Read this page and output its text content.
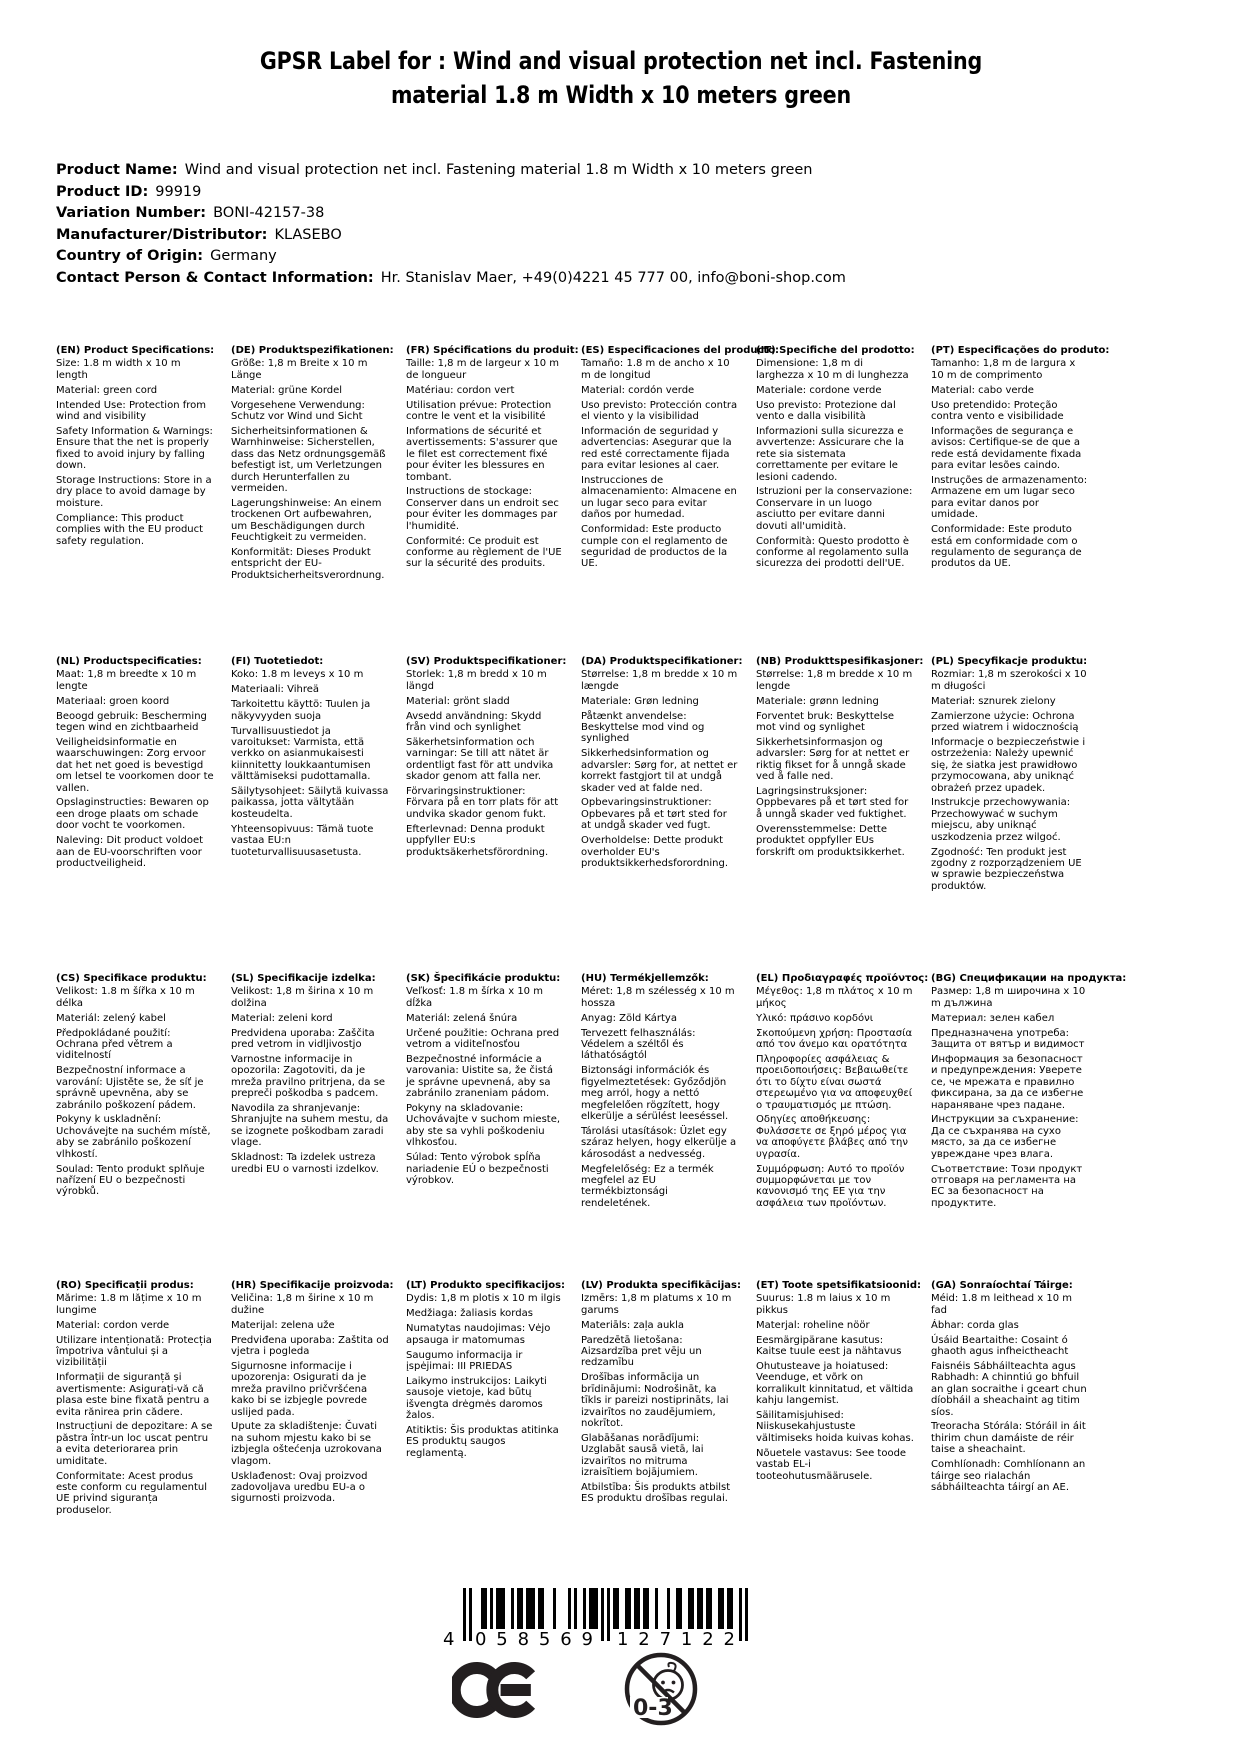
GPSR Label for : Wind and visual protection net incl. Fastening
material 1.8 m Width x 10 meters green
Product Name: Wind and visual protection net incl. Fastening material 1.8 m Width x 10 meters green
Product ID: 99919
Variation Number: BONI-42157-38
Manufacturer/Distributor: KLASEBO
Country of Origin: Germany
Contact Person & Contact Information: Hr. Stanislav Maer, +49(0)4221 45 777 00, info@boni-shop.com
(EN) Product Specifications:

Size: 1.8 m width x 10 m length

Material: green cord

Intended Use: Protection from wind and visibility

Safety Information & Warnings: Ensure that the net is properly fixed to avoid injury by falling down.

Storage Instructions: Store in a dry place to avoid damage by moisture.

Compliance: This product complies with the EU product safety regulation.

(DE) Produktspezifikationen:

Größe: 1,8 m Breite x 10 m Länge

Material: grüne Kordel

Vorgesehene Verwendung: Schutz vor Wind und Sicht

Sicherheitsinformationen & Warnhinweise: Sicherstellen, dass das Netz ordnungsgemäß befestigt ist, um Verletzungen durch Herunterfallen zu vermeiden.

Lagerungshinweise: An einem trockenen Ort aufbewahren, um Beschädigungen durch Feuchtigkeit zu vermeiden.

Konformität: Dieses Produkt entspricht der EU-Produktsicherheitsverordnung.

(FR) Spécifications du produit:

Taille: 1,8 m de largeur x 10 m de longueur

Matériau: cordon vert

Utilisation prévue: Protection contre le vent et la visibilité

Informations de sécurité et avertissements: S'assurer que le filet est correctement fixé pour éviter les blessures en tombant.

Instructions de stockage: Conserver dans un endroit sec pour éviter les dommages par l'humidité.

Conformité: Ce produit est conforme au règlement de l'UE sur la sécurité des produits.

(ES) Especificaciones del producto:

Tamaño: 1.8 m de ancho x 10 m de longitud

Material: cordón verde

Uso previsto: Protección contra el viento y la visibilidad

Información de seguridad y advertencias: Asegurar que la red esté correctamente fijada para evitar lesiones al caer.

Instrucciones de almacenamiento: Almacene en un lugar seco para evitar daños por humedad.

Conformidad: Este producto cumple con el reglamento de seguridad de productos de la UE.

(IT) Specifiche del prodotto:

Dimensione: 1,8 m di larghezza x 10 m di lunghezza

Materiale: cordone verde

Uso previsto: Protezione dal vento e dalla visibilità

Informazioni sulla sicurezza e avvertenze: Assicurare che la rete sia sistemata correttamente per evitare le lesioni cadendo.

Istruzioni per la conservazione: Conservare in un luogo asciutto per evitare danni dovuti all'umidità.

Conformità: Questo prodotto è conforme al regolamento sulla sicurezza dei prodotti dell'UE.

(PT) Especificações do produto:

Tamanho: 1,8 m de largura x 10 m de comprimento

Material: cabo verde

Uso pretendido: Proteção contra vento e visibilidade

Informações de segurança e avisos: Certifique-se de que a rede está devidamente fixada para evitar lesões caindo.

Instruções de armazenamento: Armazene em um lugar seco para evitar danos por umidade.

Conformidade: Este produto está em conformidade com o regulamento de segurança de produtos da UE.

(NL) Productspecificaties:

Maat: 1,8 m breedte x 10 m lengte

Materiaal: groen koord

Beoogd gebruik: Bescherming tegen wind en zichtbaarheid

Veiligheidsinformatie en waarschuwingen: Zorg ervoor dat het net goed is bevestigd om letsel te voorkomen door te vallen.

Opslaginstructies: Bewaren op een droge plaats om schade door vocht te voorkomen.

Naleving: Dit product voldoet aan de EU-voorschriften voor productveiligheid.

(FI) Tuotetiedot:

Koko: 1.8 m leveys x 10 m

Materiaali: Vihreä

Tarkoitettu käyttö: Tuulen ja näkyvyyden suoja

Turvallisuustiedot ja varoitukset: Varmista, että verkko on asianmukaisesti kiinnitetty loukkaantumisen välttämiseksi pudottamalla.

Säilytysohjeet: Säilytä kuivassa paikassa, jotta vältytään kosteudelta.

Yhteensopivuus: Tämä tuote vastaa EU:n tuoteturvallisuusasetusta.

(SV) Produktspecifikationer:

Storlek: 1,8 m bredd x 10 m längd

Material: grönt sladd

Avsedd användning: Skydd från vind och synlighet

Säkerhetsinformation och varningar: Se till att nätet är ordentligt fast för att undvika skador genom att falla ner.

Förvaringsinstruktioner: Förvara på en torr plats för att undvika skador genom fukt.

Efterlevnad: Denna produkt uppfyller EU:s produktsäkerhetsförordning.

(DA) Produktspecifikationer:

Størrelse: 1,8 m bredde x 10 m længde

Materiale: Grøn ledning

Påtænkt anvendelse: Beskyttelse mod vind og synlighed

Sikkerhedsinformation og advarsler: Sørg for, at nettet er korrekt fastgjort til at undgå skader ved at falde ned.

Opbevaringsinstruktioner: Opbevares på et tørt sted for at undgå skader ved fugt.

Overholdelse: Dette produkt overholder EU's produktsikkerhedsforordning.

(NB) Produkttspesifikasjoner:

Størrelse: 1,8 m bredde x 10 m lengde

Materiale: grønn ledning

Forventet bruk: Beskyttelse mot vind og synlighet

Sikkerhetsinformasjon og advarsler: Sørg for at nettet er riktig fikset for å unngå skade ved å falle ned.

Lagringsinstruksjoner: Oppbevares på et tørt sted for å unngå skader ved fuktighet.

Overensstemmelse: Dette produktet oppfyller EUs forskrift om produktsikkerhet.

(PL) Specyfikacje produktu:

Rozmiar: 1,8 m szerokości x 10 m długości

Materiał: sznurek zielony

Zamierzone użycie: Ochrona przed wiatrem i widocznością

Informacje o bezpieczeństwie i ostrzeżenia: Należy upewnić się, że siatka jest prawidłowo przymocowana, aby uniknąć obrażeń przez upadek.

Instrukcje przechowywania: Przechowywać w suchym miejscu, aby uniknąć uszkodzenia przez wilgoć.

Zgodność: Ten produkt jest zgodny z rozporządzeniem UE w sprawie bezpieczeństwa produktów.

(CS) Specifikace produktu:

Velikost: 1.8 m šířka x 10 m délka

Materiál: zelený kabel

Předpokládané použití: Ochrana před větrem a viditelností

Bezpečnostní informace a varování: Ujistěte se, že síť je správně upevněna, aby se zabránilo poškození pádem.

Pokyny k uskladnění: Uchovávejte na suchém místě, aby se zabránilo poškození vlhkostí.

Soulad: Tento produkt splňuje nařízení EU o bezpečnosti výrobků.

(SL) Specifikacije izdelka:

Velikost: 1,8 m širina x 10 m dolžina

Material: zeleni kord

Predvidena uporaba: Zaščita pred vetrom in vidljivostjo

Varnostne informacije in opozorila: Zagotoviti, da je mreža pravilno pritrjena, da se prepreči poškodba s padcem.

Navodila za shranjevanje: Shranjujte na suhem mestu, da se izognete poškodbam zaradi vlage.

Skladnost: Ta izdelek ustreza uredbi EU o varnosti izdelkov.

(SK) Špecifikácie produktu:

Veľkosť: 1.8 m šírka x 10 m dĺžka

Materiál: zelená šnúra

Určené použitie: Ochrana pred vetrom a viditeľnosťou

Bezpečnostné informácie a varovania: Uistite sa, že čistá je správne upevnená, aby sa zabránilo zraneniam pádom.

Pokyny na skladovanie: Uchovávajte v suchom mieste, aby ste sa vyhli poškodeniu vlhkosťou.

Súlad: Tento výrobok spĺňa nariadenie EÚ o bezpečnosti výrobkov.

(HU) Termékjellemzők:

Méret: 1,8 m szélesség x 10 m hossza

Anyag: Zöld Kártya

Tervezett felhasználás: Védelem a széltől és láthatóságtól

Biztonsági információk és figyelmeztetések: Győződjön meg arról, hogy a nettó megfelelően rögzített, hogy elkerülje a sérülést leeséssel.

Tárolási utasítások: Üzlet egy száraz helyen, hogy elkerülje a károsodást a nedvesség.

Megfelelőség: Ez a termék megfelel az EU termékbiztonsági rendeletének.

(EL) Προδιαγραφές προϊόντος:

Μέγεθος: 1,8 m πλάτος x 10 m μήκος

Υλικό: πράσινο κορδόνι

Σκοπούμενη χρήση: Προστασία από τον άνεμο και ορατότητα

Πληροφορίες ασφάλειας & προειδοποιήσεις: Βεβαιωθείτε ότι το δίχτυ είναι σωστά στερεωμένο για να αποφευχθεί ο τραυματισμός με πτώση.

Οδηγίες αποθήκευσης: Φυλάσσετε σε ξηρό μέρος για να αποφύγετε βλάβες από την υγρασία.

Συμμόρφωση: Αυτό το προϊόν συμμορφώνεται με τον κανονισμό της ΕΕ για την ασφάλεια των προϊόντων.

(BG) Спецификации на продукта:

Размер: 1,8 m широчина x 10 m дължина

Материал: зелен кабел

Предназначена употреба: Защита от вятър и видимост

Информация за безопасност и предупреждения: Уверете се, че мрежата е правилно фиксирана, за да се избегне нараняване чрез падане.

Инструкции за съхранение: Да се съхранява на сухо място, за да се избегне увреждане чрез влага.

Съответствие: Този продукт отговаря на регламента на ЕС за безопасност на продуктите.

(RO) Specificații produs:

Mărime: 1.8 m lățime x 10 m lungime

Material: cordon verde

Utilizare intenționată: Protecția împotriva vântului și a vizibilității

Informații de siguranță și avertismente: Asigurați-vă că plasa este bine fixată pentru a evita rănirea prin cădere.

Instrucțiuni de depozitare: A se păstra într-un loc uscat pentru a evita deteriorarea prin umiditate.

Conformitate: Acest produs este conform cu regulamentul UE privind siguranța produselor.

(HR) Specifikacije proizvoda:

Veličina: 1,8 m širine x 10 m dužine

Materijal: zelena uže

Predviđena uporaba: Zaštita od vjetra i pogleda

Sigurnosne informacije i upozorenja: Osigurati da je mreža pravilno pričvršćena kako bi se izbjegle povrede uslijed pada.

Upute za skladištenje: Čuvati na suhom mjestu kako bi se izbjegla oštećenja uzrokovana vlagom.

Usklađenost: Ovaj proizvod zadovoljava uredbu EU-a o sigurnosti proizvoda.

(LT) Produkto specifikacijos:

Dydis: 1,8 m plotis x 10 m ilgis

Medžiaga: žaliasis kordas

Numatytas naudojimas: Vėjo apsauga ir matomumas

Saugumo informacija ir įspėjimai: III PRIEDAS

Laikymo instrukcijos: Laikyti sausoje vietoje, kad būtų išvengta drėgmės daromos žalos.

Atitiktis: Šis produktas atitinka ES produktų saugos reglamentą.

(LV) Produkta specifikācijas:

Izmērs: 1,8 m platums x 10 m garums

Materiāls: zaļa aukla

Paredzētā lietošana: Aizsardzība pret vēju un redzamību

Drošības informācija un brīdinājumi: Nodrošināt, ka tīkls ir pareizi nostiprināts, lai izvairītos no zaudējumiem, nokrītot.

Glabāšanas norādījumi: Uzglabāt sausā vietā, lai izvairītos no mitruma izraisītiem bojājumiem.

Atbilstība: Šis produkts atbilst ES produktu drošības regulai.

(ET) Toote spetsifikatsioonid:

Suurus: 1.8 m laius x 10 m pikkus

Materjal: roheline nöör

Eesmärgipärane kasutus: Kaitse tuule eest ja nähtavus

Ohutusteave ja hoiatused: Veenduge, et võrk on korralikult kinnitatud, et vältida kahju langemist.

Säilitamisjuhised: Niiskusekahjustuste vältimiseks hoida kuivas kohas.

Nõuetele vastavus: See toode vastab EL-i tooteohutusmäärusele.

(GA) Sonraíochtaí Táirge:

Méid: 1.8 m leithead x 10 m fad

Ábhar: corda glas

Úsáid Beartaithe: Cosaint ó ghaoth agus infheictheacht

Faisnéis Sábháilteachta agus Rabhadh: A chinntiú go bhfuil an glan socraithe i gceart chun díobháil a sheachaint ag titim síos.

Treoracha Stórála: Stóráil in áit thirim chun damáiste de réir taise a sheachaint.

Comhlíonadh: Comhlíonann an táirge seo rialachán sábháilteachta táirgí an AE.

4 058569 127122
0-3
